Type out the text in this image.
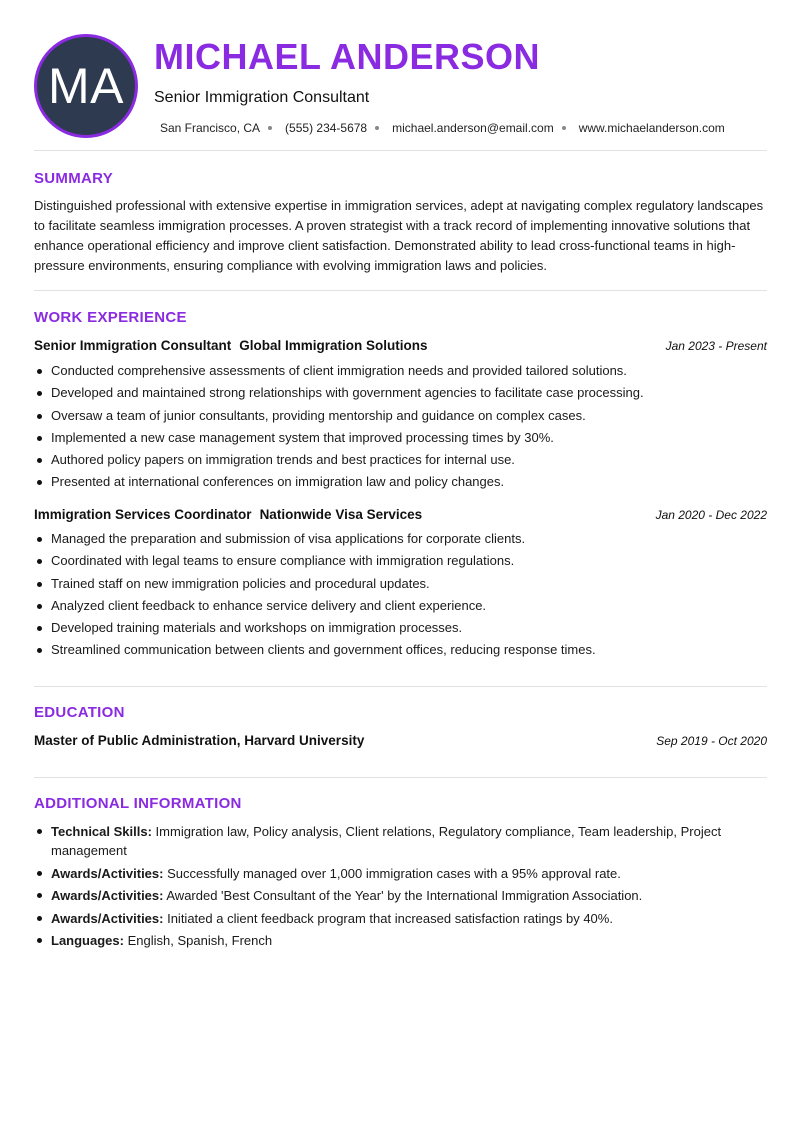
MA
MICHAEL ANDERSON
Senior Immigration Consultant
San Francisco, CA (555) 234-5678 michael.anderson@email.com www.michaelanderson.com
SUMMARY

Distinguished professional with extensive expertise in immigration services, adept at navigating complex regulatory landscapes to facilitate seamless immigration processes. A proven strategist with a track record of implementing innovative solutions that enhance operational efficiency and improve client satisfaction. Demonstrated ability to lead cross-functional teams in high-pressure environments, ensuring compliance with evolving immigration laws and policies.

WORK EXPERIENCE
Senior Immigration Consultant Global Immigration Solutions	Jan 2023 - Present
Conducted comprehensive assessments of client immigration needs and provided tailored solutions.
Developed and maintained strong relationships with government agencies to facilitate case processing.
Oversaw a team of junior consultants, providing mentorship and guidance on complex cases.
Implemented a new case management system that improved processing times by 30%.
Authored policy papers on immigration trends and best practices for internal use.
Presented at international conferences on immigration law and policy changes.
Immigration Services Coordinator Nationwide Visa Services	Jan 2020 - Dec 2022
Managed the preparation and submission of visa applications for corporate clients.
Coordinated with legal teams to ensure compliance with immigration regulations.
Trained staff on new immigration policies and procedural updates.
Analyzed client feedback to enhance service delivery and client experience.
Developed training materials and workshops on immigration processes.
Streamlined communication between clients and government offices, reducing response times.
EDUCATION
Master of Public Administration, Harvard University	Sep 2019 - Oct 2020
ADDITIONAL INFORMATION
Technical Skills: Immigration law, Policy analysis, Client relations, Regulatory compliance, Team leadership, Project management
Awards/Activities: Successfully managed over 1,000 immigration cases with a 95% approval rate.
Awards/Activities: Awarded 'Best Consultant of the Year' by the International Immigration Association.
Awards/Activities: Initiated a client feedback program that increased satisfaction ratings by 40%.
Languages: English, Spanish, French
